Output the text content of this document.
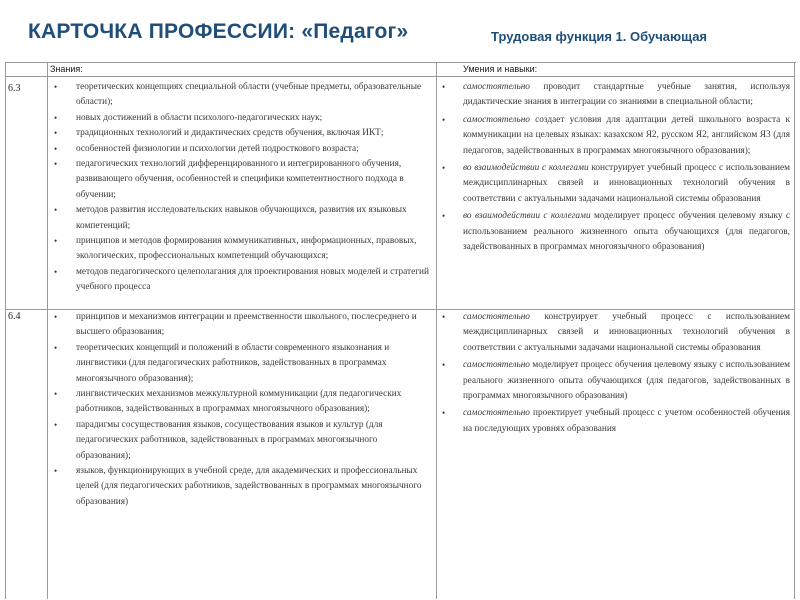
КАРТОЧКА ПРОФЕССИИ: «Педагог»	Трудовая функция 1. Обучающая
Знания:	Умения и навыки:
6.3
6.4
• теоретических концепциях специальной области (учебные предметы, образовательные области);
• новых достижений в области психолого-педагогических наук;
• традиционных технологий и дидактических средств обучения, включая ИКТ;
• особенностей физиологии и психологии детей подросткового возраста;
• педагогических технологий дифференцированного и интегрированного обучения, развивающего обучения, особенностей и специфики компетентностного подхода в обучении;
• методов развития исследовательских навыков обучающихся, развития их языковых компетенций;
• принципов и методов формирования коммуникативных, информационных, правовых, экологических, профессиональных компетенций обучающихся;
• методов педагогического целеполагания для проектирования новых моделей и стратегий учебного процесса
• самостоятельно проводит стандартные учебные занятия, используя дидактические знания в интеграции со знаниями в специальной области;
• самостоятельно создает условия для адаптации детей школьного возраста к коммуникации на целевых языках: казахском Я2, русском Я2, английском Я3 (для педагогов, задействованных в программах многоязычного образования);
• во взаимодействии с коллегами конструирует учебный процесс с использованием междисциплинарных связей и инновационных технологий обучения в соответствии с актуальными задачами национальной системы образования
• во взаимодействии с коллегами моделирует процесс обучения целевому языку с использованием реального жизненного опыта обучающихся (для педагогов, задействованных в программах многоязычного образования)
• принципов и механизмов интеграции и преемственности школьного, послесреднего и высшего образования;
• теоретических концепций и положений в области современного языкознания и лингвистики (для педагогических работников, задействованных в программах многоязычного образования);
• лингвистических механизмов межкультурной коммуникации (для педагогических работников, задействованных в программах многоязычного образования);
• парадигмы сосуществования языков, сосуществования языков и культур (для педагогических работников, задействованных в программах многоязычного образования);
• языков, функционирующих в учебной среде, для академических и профессиональных целей (для педагогических работников, задействованных в программах многоязычного образования)
• самостоятельно конструирует учебный процесс с использованием междисциплинарных связей и инновационных технологий обучения в соответствии с актуальными задачами национальной системы образования
• самостоятельно моделирует процесс обучения целевому языку с использованием реального жизненного опыта обучающихся (для педагогов, задействованных в программах многоязычного образования)
• самостоятельно проектирует учебный процесс с учетом особенностей обучения на последующих уровнях образования
